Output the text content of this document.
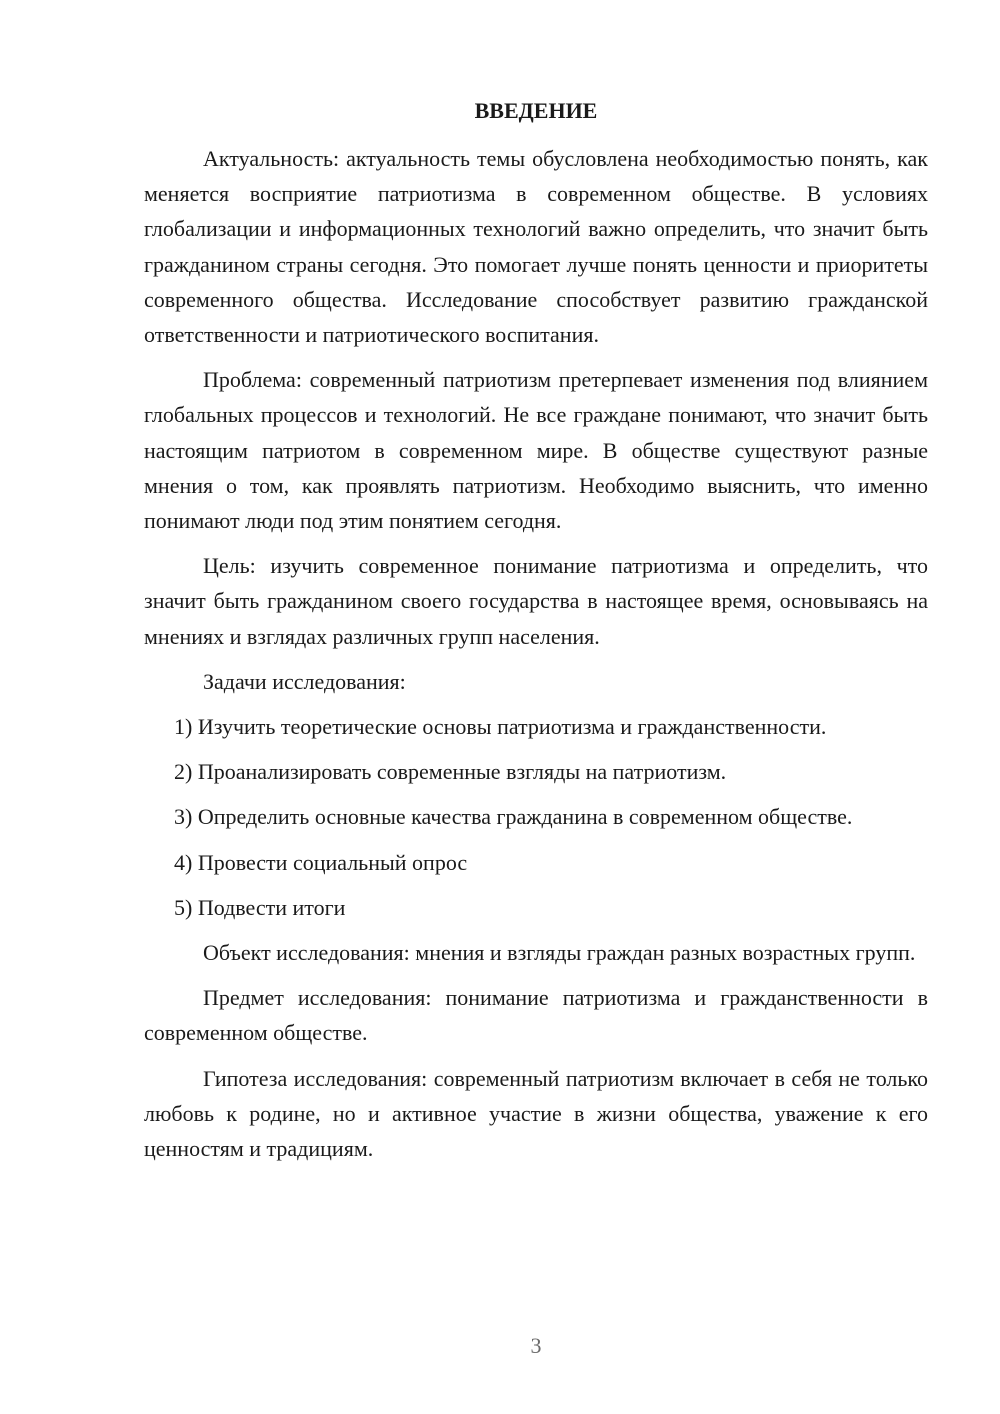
ВВЕДЕНИЕ

Актуальность: актуальность темы обусловлена необходимостью понять, как меняется восприятие патриотизма в современном обществе. В условиях глобализации и информационных технологий важно определить, что значит быть гражданином страны сегодня. Это помогает лучше понять ценности и приоритеты современного общества. Исследование способствует развитию гражданской ответственности и патриотического воспитания.

Проблема: современный патриотизм претерпевает изменения под влиянием глобальных процессов и технологий. Не все граждане понимают, что значит быть настоящим патриотом в современном мире. В обществе существуют разные мнения о том, как проявлять патриотизм. Необходимо выяснить, что именно понимают люди под этим понятием сегодня.

Цель: изучить современное понимание патриотизма и определить, что значит быть гражданином своего государства в настоящее время, основываясь на мнениях и взглядах различных групп населения.

Задачи исследования:

1) Изучить теоретические основы патриотизма и гражданственности.

2) Проанализировать современные взгляды на патриотизм.

3) Определить основные качества гражданина в современном обществе.

4) Провести социальный опрос

5) Подвести итоги

Объект исследования: мнения и взгляды граждан разных возрастных групп.

Предмет исследования: понимание патриотизма и гражданственности в современном обществе.

Гипотеза исследования: современный патриотизм включает в себя не только любовь к родине, но и активное участие в жизни общества, уважение к его ценностям и традициям.

3
